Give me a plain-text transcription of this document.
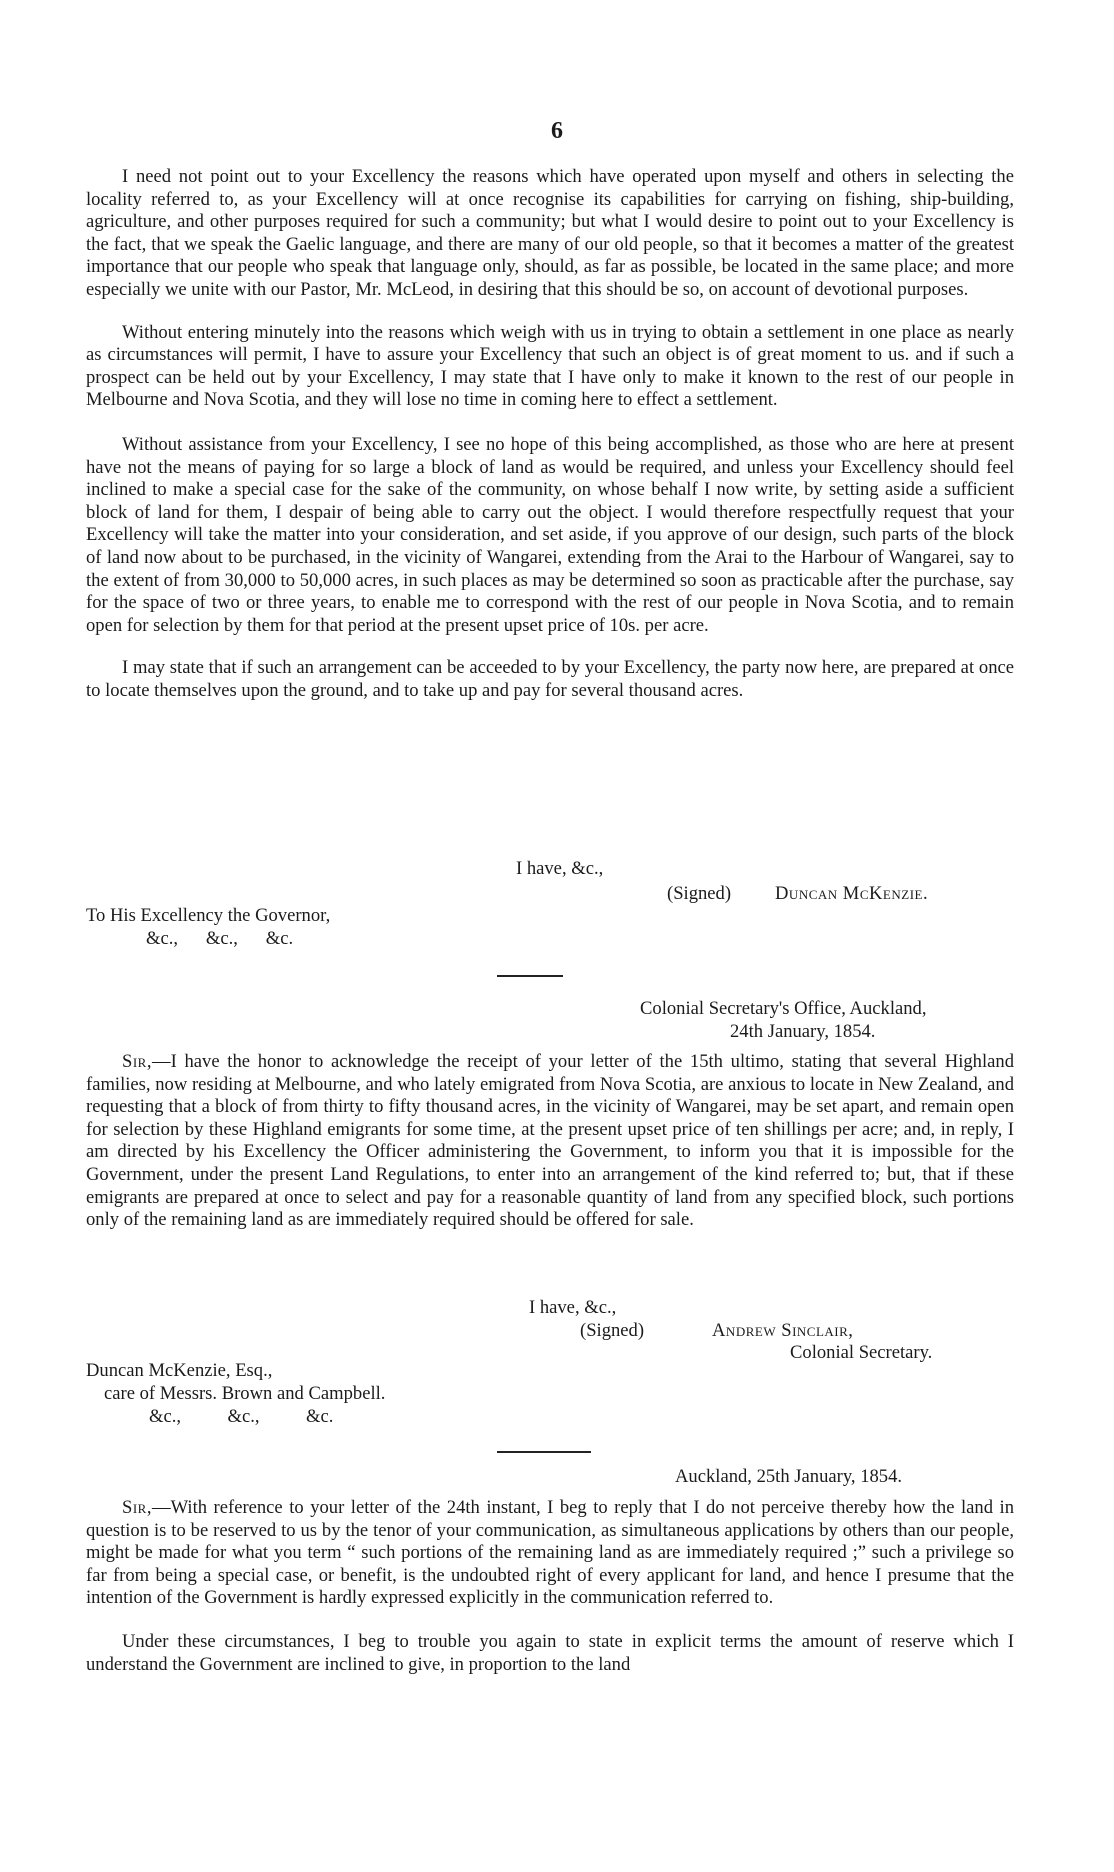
6

I need not point out to your Excellency the reasons which have operated upon myself and others in selecting the locality referred to, as your Excellency will at once recognise its capabilities for carrying on fishing, ship-building, agriculture, and other purposes required for such a community; but what I would desire to point out to your Excellency is the fact, that we speak the Gaelic language, and there are many of our old people, so that it becomes a matter of the greatest importance that our people who speak that language only, should, as far as possible, be located in the same place; and more especially we unite with our Pastor, Mr. McLeod, in desiring that this should be so, on account of devotional purposes.

Without entering minutely into the reasons which weigh with us in trying to obtain a settlement in one place as nearly as circumstances will permit, I have to assure your Excellency that such an object is of great moment to us. and if such a prospect can be held out by your Excellency, I may state that I have only to make it known to the rest of our people in Melbourne and Nova Scotia, and they will lose no time in coming here to effect a settlement.

Without assistance from your Excellency, I see no hope of this being accomplished, as those who are here at present have not the means of paying for so large a block of land as would be required, and unless your Excellency should feel inclined to make a special case for the sake of the community, on whose behalf I now write, by setting aside a sufficient block of land for them, I despair of being able to carry out the object. I would therefore respectfully request that your Excellency will take the matter into your consideration, and set aside, if you approve of our design, such parts of the block of land now about to be purchased, in the vicinity of Wangarei, extending from the Arai to the Harbour of Wangarei, say to the extent of from 30,000 to 50,000 acres, in such places as may be determined so soon as practicable after the purchase, say for the space of two or three years, to enable me to correspond with the rest of our people in Nova Scotia, and to remain open for selection by them for that period at the present upset price of 10s. per acre.

I may state that if such an arrangement can be acceeded to by your Excellency, the party now here, are prepared at once to locate themselves upon the ground, and to take up and pay for several thousand acres.

I have, &c.,
(Signed) Duncan McKenzie.
To His Excellency the Governor,
&c.,      &c.,      &c.
Colonial Secretary's Office, Auckland,
24th January, 1854.

Sir,—I have the honor to acknowledge the receipt of your letter of the 15th ultimo, stating that several Highland families, now residing at Melbourne, and who lately emigrated from Nova Scotia, are anxious to locate in New Zealand, and requesting that a block of from thirty to fifty thousand acres, in the vicinity of Wangarei, may be set apart, and remain open for selection by these Highland emigrants for some time, at the present upset price of ten shillings per acre; and, in reply, I am directed by his Excellency the Officer administering the Government, to inform you that it is impossible for the Government, under the present Land Regulations, to enter into an arrangement of the kind referred to; but, that if these emigrants are prepared at once to select and pay for a reasonable quantity of land from any specified block, such portions only of the remaining land as are immediately required should be offered for sale.

I have, &c.,
(Signed)	Andrew Sinclair,
Colonial Secretary.
Duncan McKenzie, Esq.,
care of Messrs. Brown and Campbell.
&c.,          &c.,          &c.
Auckland, 25th January, 1854.

Sir,—With reference to your letter of the 24th instant, I beg to reply that I do not perceive thereby how the land in question is to be reserved to us by the tenor of your communication, as simultaneous applications by others than our people, might be made for what you term “ such portions of the remaining land as are immediately required ;” such a privilege so far from being a special case, or benefit, is the undoubted right of every applicant for land, and hence I presume that the intention of the Government is hardly expressed explicitly in the communication referred to.

Under these circumstances, I beg to trouble you again to state in explicit terms the amount of reserve which I understand the Government are inclined to give, in proportion to the land
